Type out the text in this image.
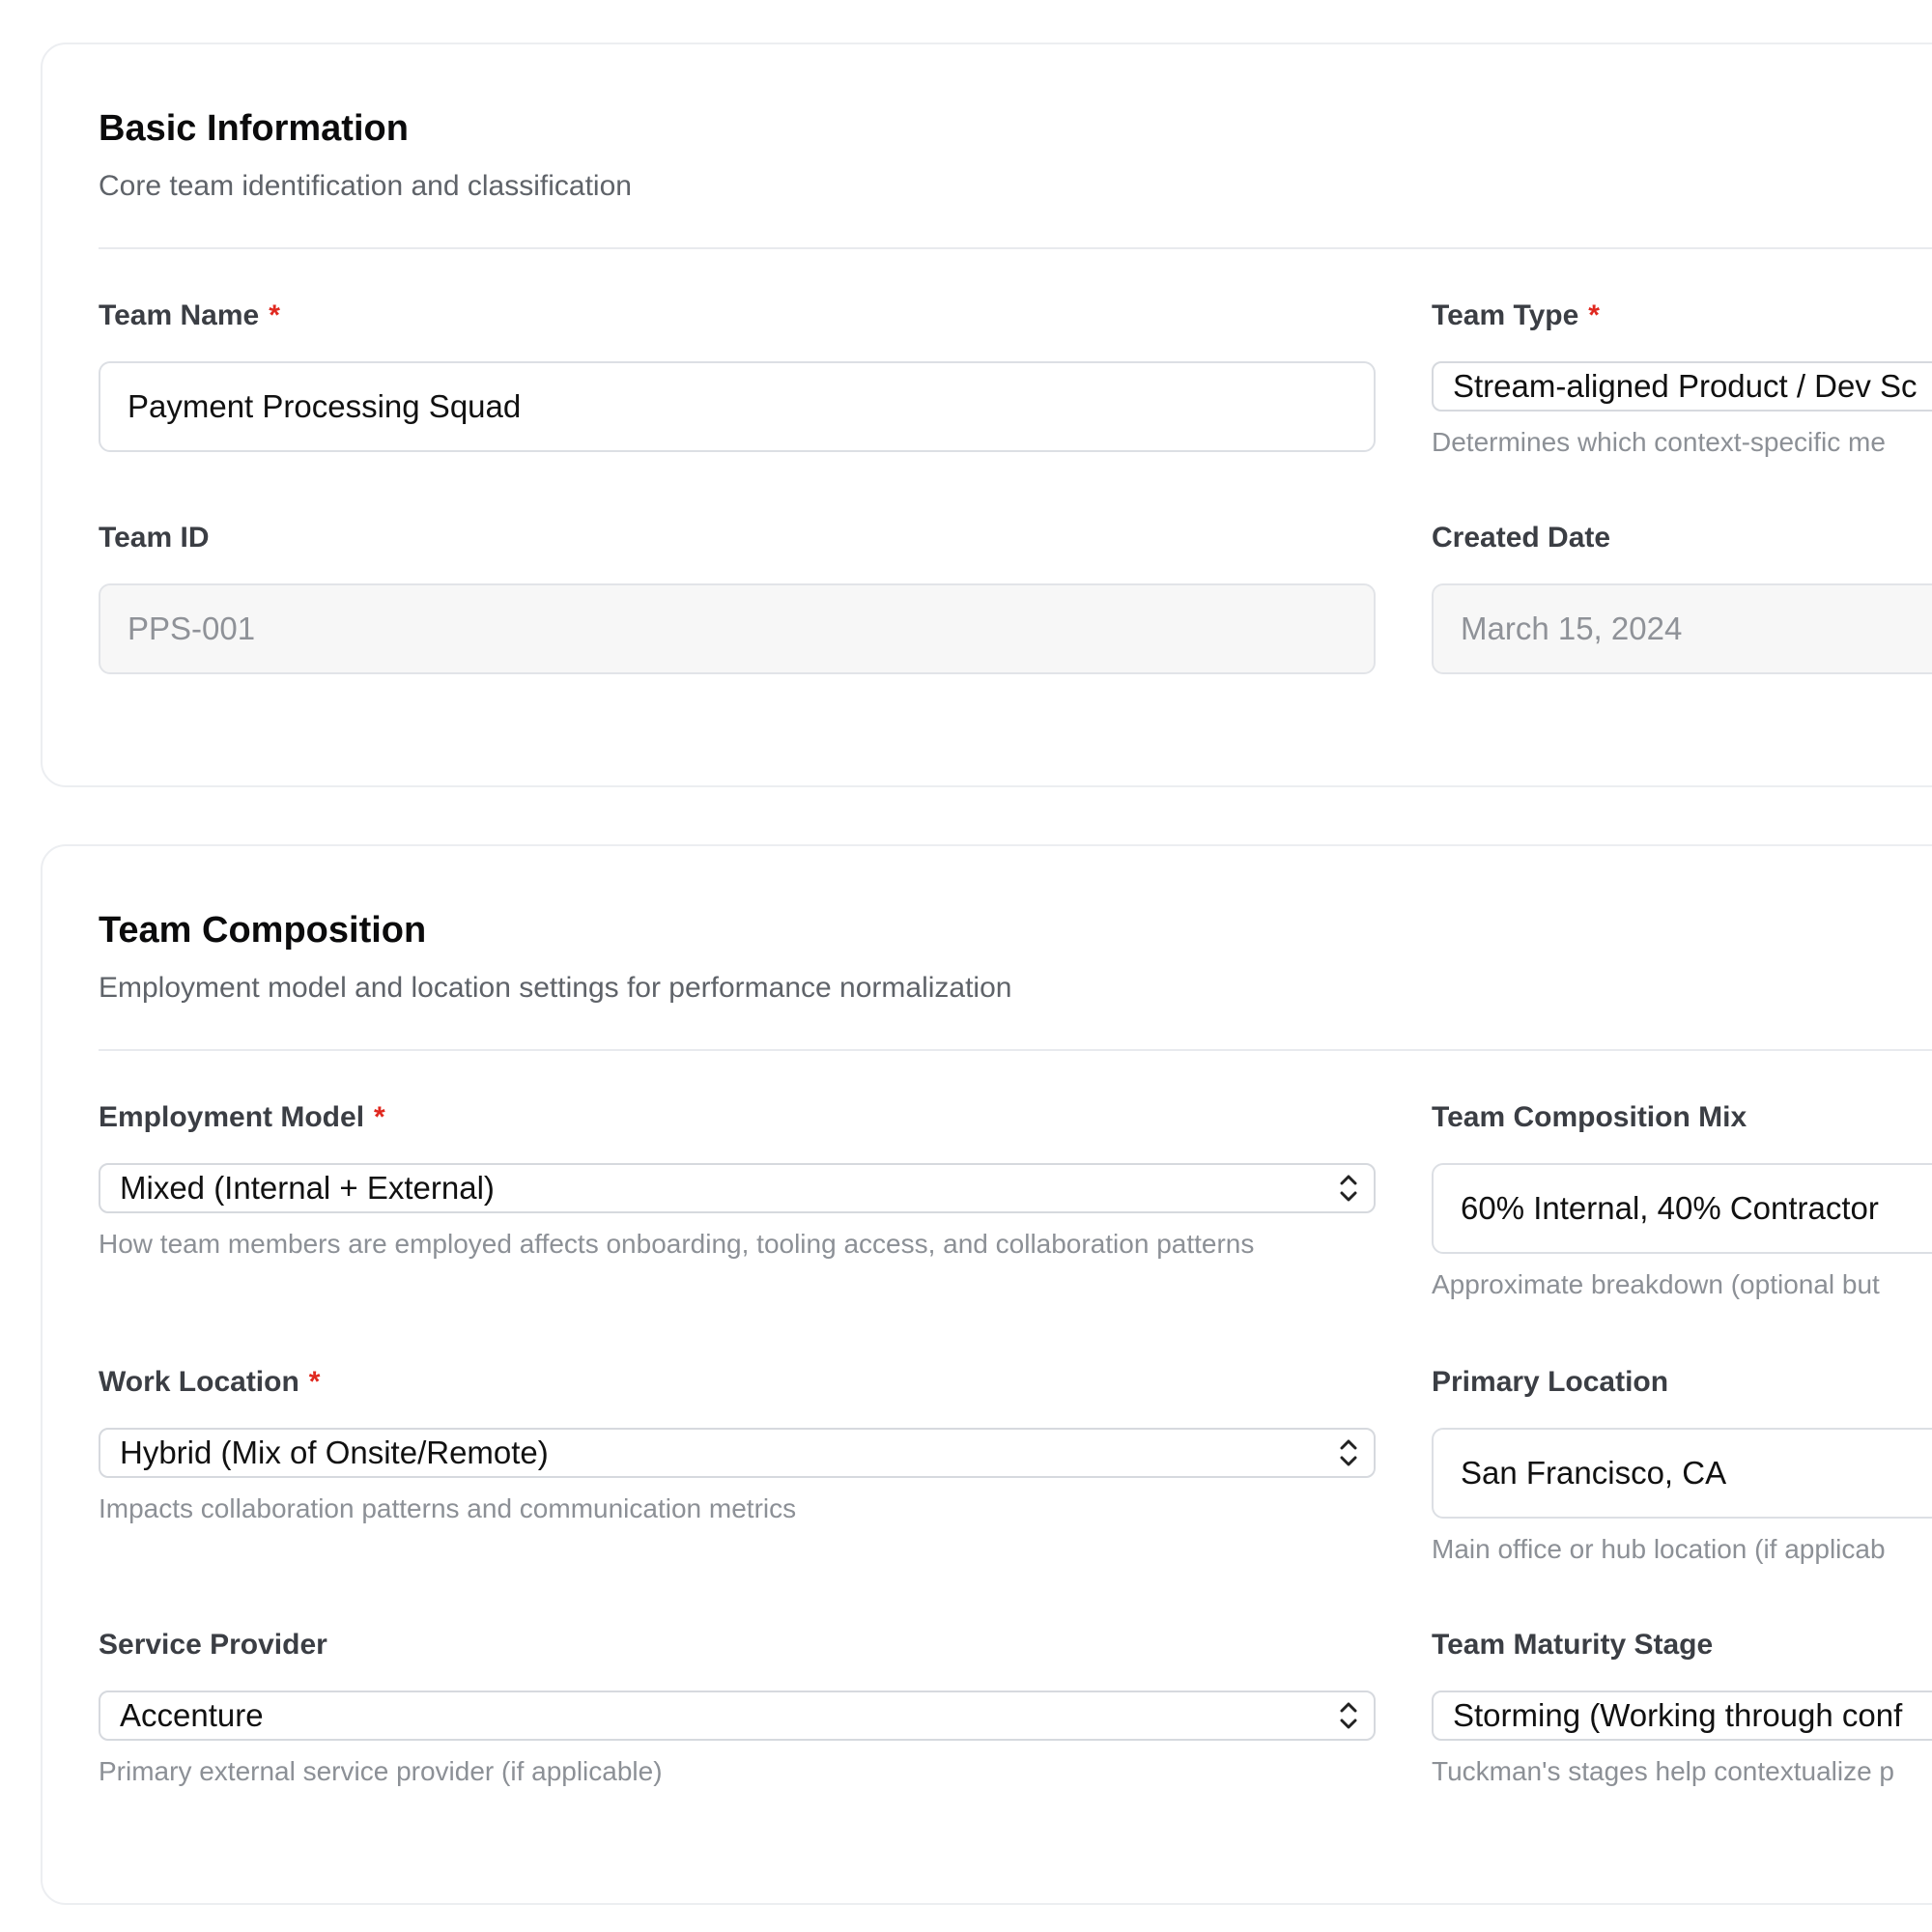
Basic Information
Core team identification and classification
Team Name *
Payment Processing Squad	Team Type *
Stream-aligned Product / Dev Sc
Determines which context-specific me
Team ID
PPS-001	Created Date
March 15, 2024
Team Composition
Employment model and location settings for performance normalization
Employment Model *
Mixed (Internal + External)
How team members are employed affects onboarding, tooling access, and collaboration patterns
Team Composition Mix
60% Internal, 40% Contractor
Approximate breakdown (optional but
Work Location *
Hybrid (Mix of Onsite/Remote)
Impacts collaboration patterns and communication metrics
Primary Location
San Francisco, CA
Main office or hub location (if applicab
Service Provider
Accenture
Primary external service provider (if applicable)
Team Maturity Stage
Storming (Working through conf
Tuckman's stages help contextualize p
